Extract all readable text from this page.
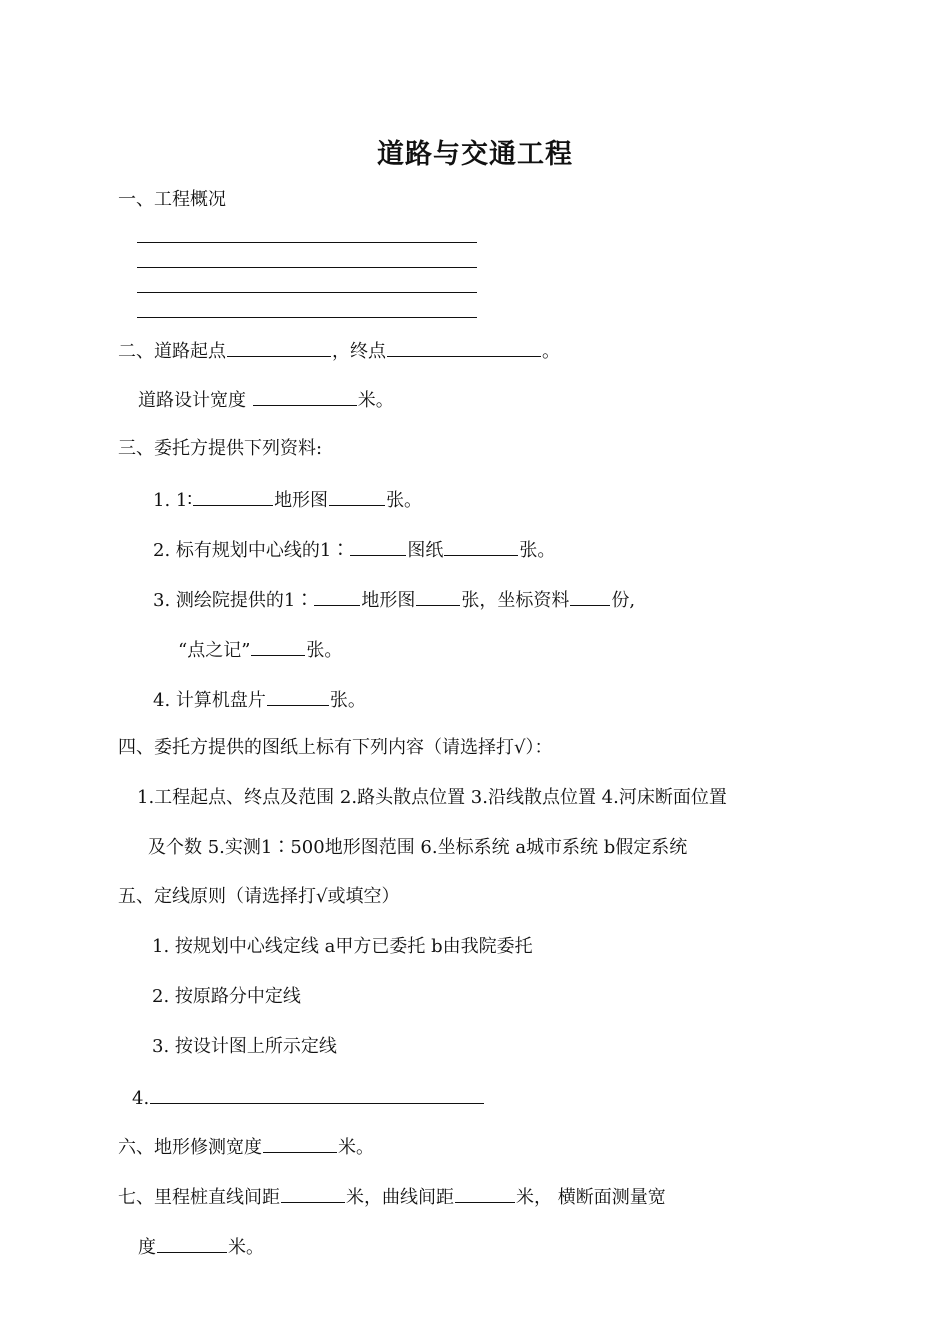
道路与交通工程
一、工程概况
二、道路起点	，终点	。
道路设计宽度	米。
三、委托方提供下列资料:
1. 1∶	地形图	张。
2. 标有规划中心线的1∶	图纸	张。
3. 测绘院提供的1∶	地形图	张，坐标资料 份,
“点之记”	张。
4. 计算机盘片	张。
四、委托方提供的图纸上标有下列内容（请选择打√）：
1.工程起点、终点及范围 2.路头散点位置 3.沿线散点位置 4.河床断面位置
及个数 5.实测1∶500地形图范围 6.坐标系统 a城市系统 b假定系统
五、定线原则（请选择打√或填空）
1. 按规划中心线定线 a甲方已委托 b由我院委托
2. 按原路分中定线
3. 按设计图上所示定线
4.
六、地形修测宽度	米。
七、里程桩直线间距	米，曲线间距	米， 横断面测量宽
度	米。
